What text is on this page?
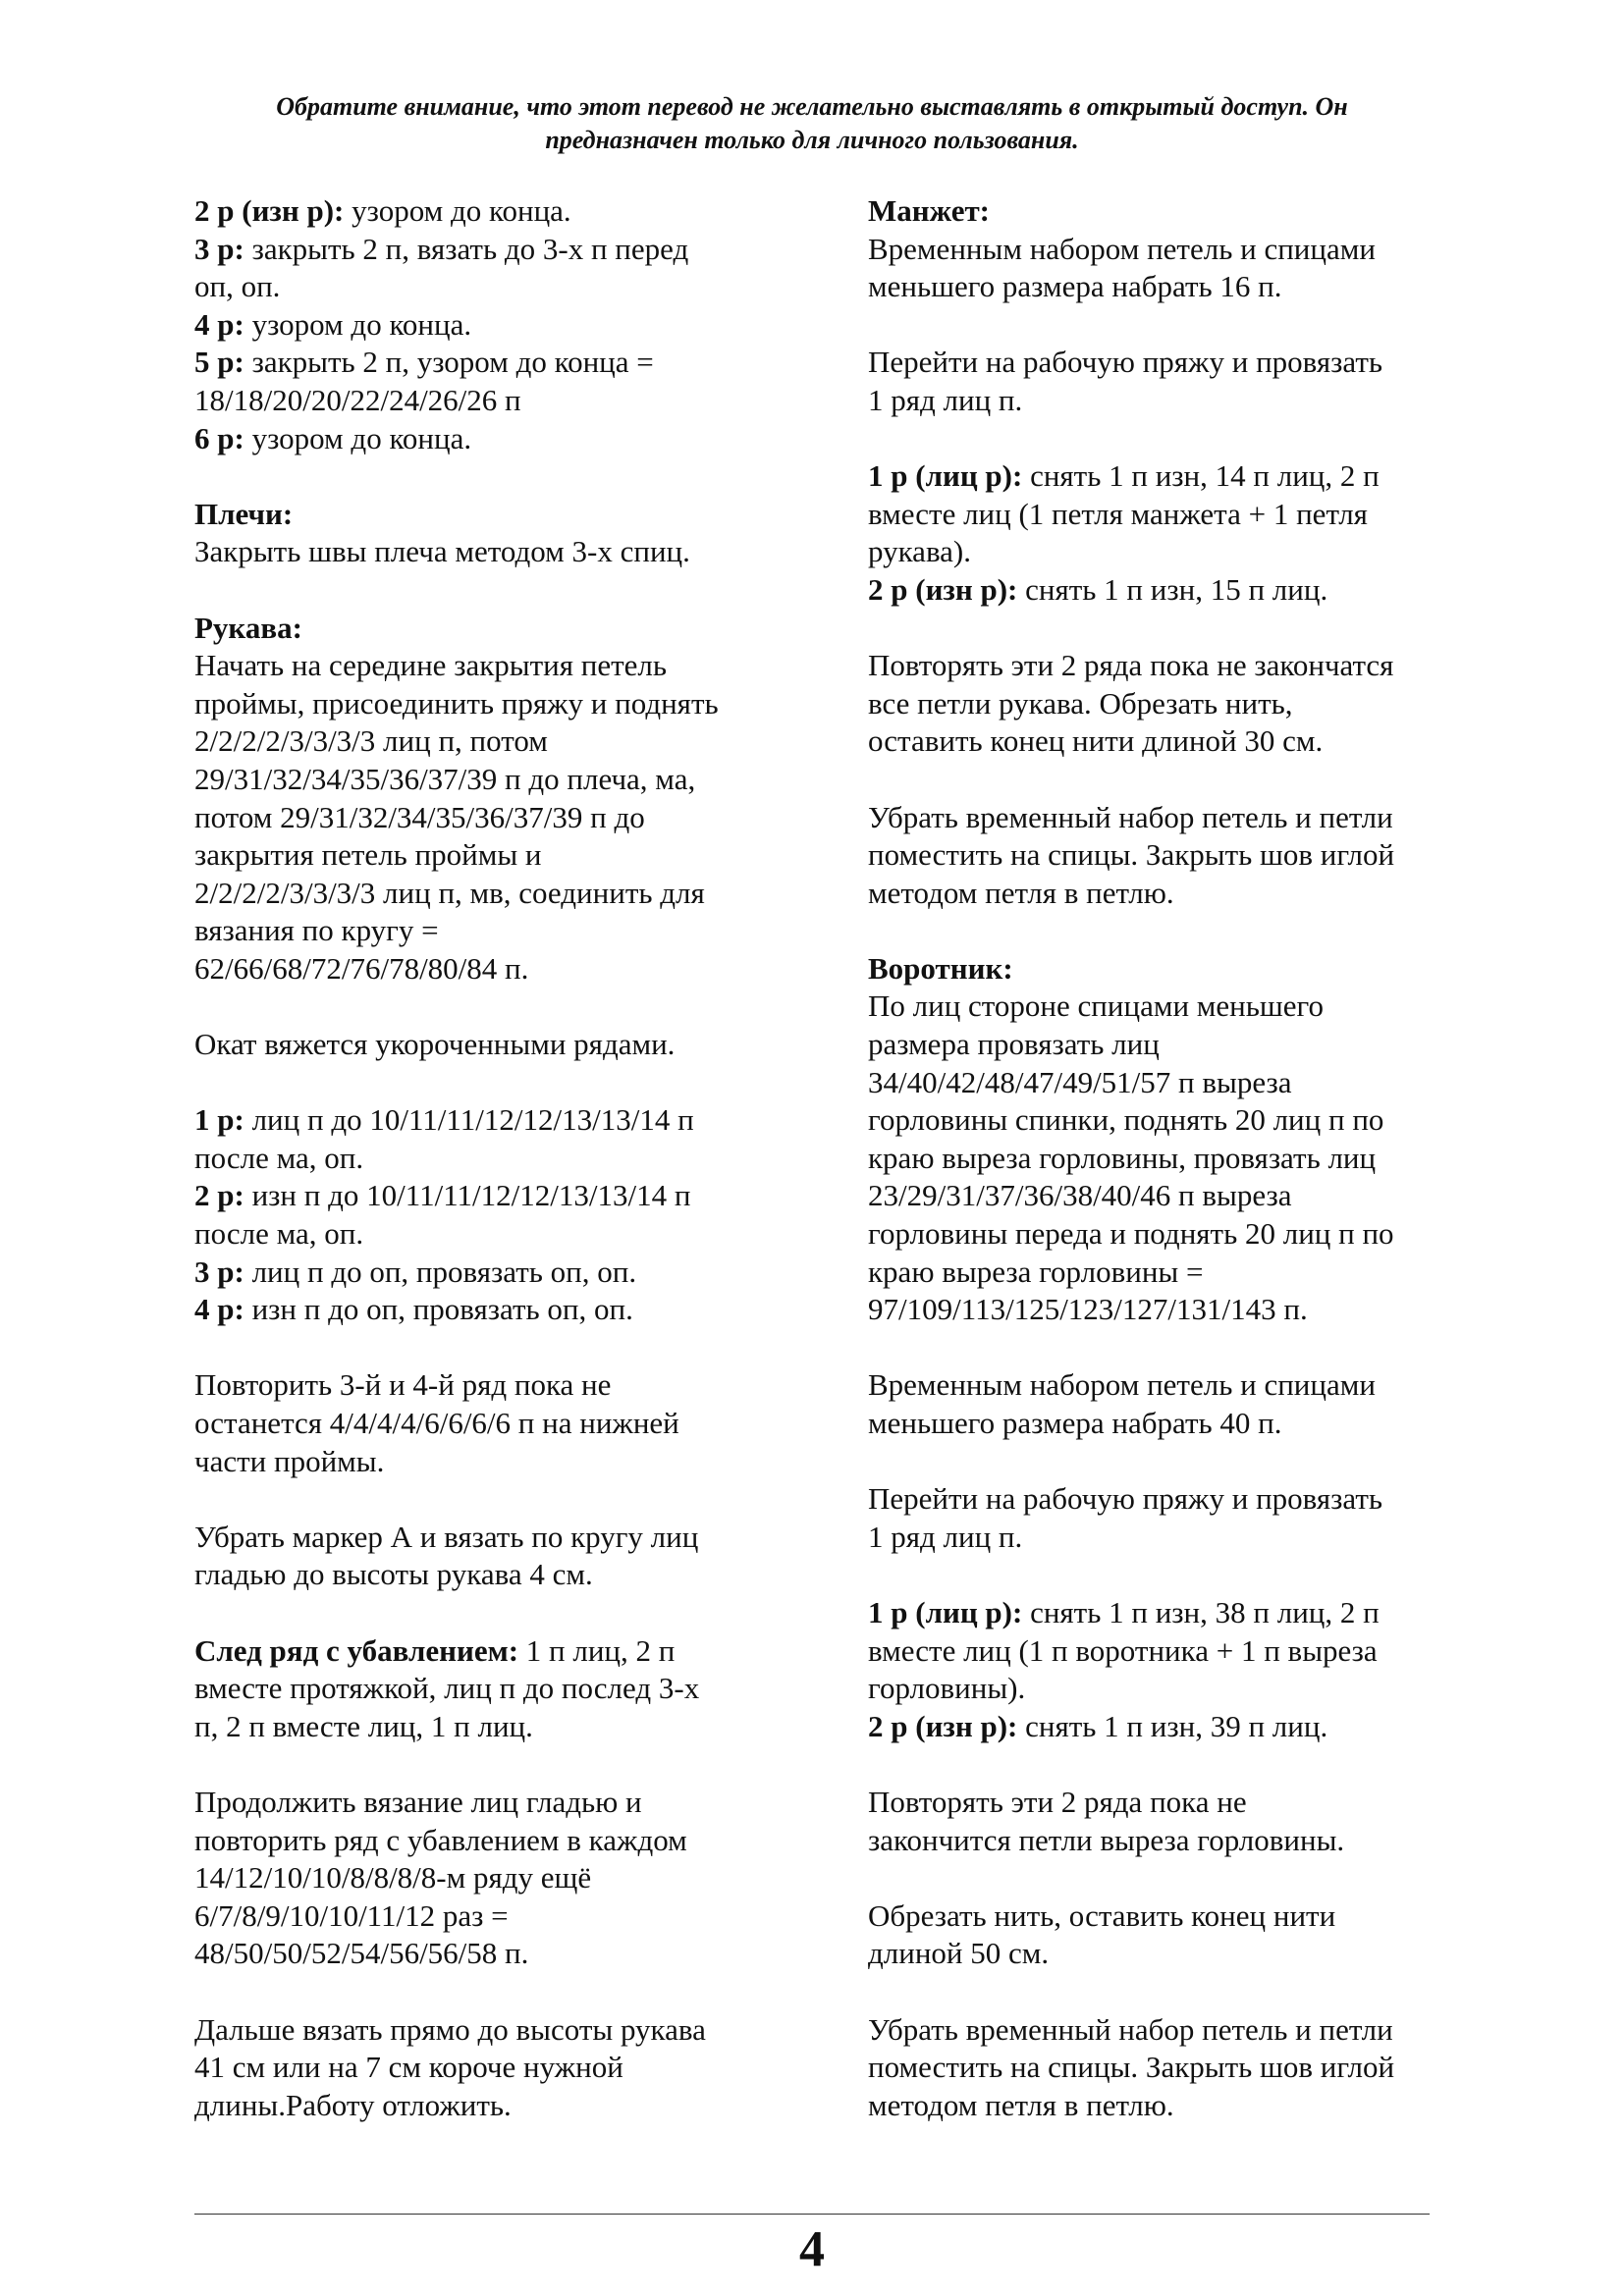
Обратите внимание, что этот перевод не желательно выставлять в открытый доступ. Он
предназначен только для личного пользования.

2 р (изн р): узором до конца.

3 р: закрыть 2 п, вязать до 3-х п перед

оп, оп.

4 р: узором до конца.

5 р: закрыть 2 п, узором до конца =

18/18/20/20/22/24/26/26 п

6 р: узором до конца.

Плечи:

Закрыть швы плеча методом 3-х спиц.

Рукава:

Начать на середине закрытия петель

проймы, присоединить пряжу и поднять

2/2/2/2/3/3/3/3 лиц п, потом

29/31/32/34/35/36/37/39 п до плеча, ма,

потом 29/31/32/34/35/36/37/39 п до

закрытия петель проймы и

2/2/2/2/3/3/3/3 лиц п, мв, соединить для

вязания по кругу =

62/66/68/72/76/78/80/84 п.

Окат вяжется укороченными рядами.

1 р: лиц п до 10/11/11/12/12/13/13/14 п

после ма, оп.

2 р: изн п до 10/11/11/12/12/13/13/14 п

после ма, оп.

3 р: лиц п до оп, провязать оп, оп.

4 р: изн п до оп, провязать оп, оп.

Повторить 3-й и 4-й ряд пока не

останется 4/4/4/4/6/6/6/6 п на нижней

части проймы.

Убрать маркер А и вязать по кругу лиц

гладью до высоты рукава 4 см.

След ряд с убавлением: 1 п лиц, 2 п

вместе протяжкой, лиц п до послед 3-х

п, 2 п вместе лиц, 1 п лиц.

Продолжить вязание лиц гладью и

повторить ряд с убавлением в каждом

14/12/10/10/8/8/8/8-м ряду ещё

6/7/8/9/10/10/11/12 раз =

48/50/50/52/54/56/56/58 п.

Дальше вязать прямо до высоты рукава

41 см или на 7 см короче нужной

длины.Работу отложить.

Манжет:

Временным набором петель и спицами

меньшего размера набрать 16 п.

Перейти на рабочую пряжу и провязать

1 ряд лиц п.

1 р (лиц р): снять 1 п изн, 14 п лиц, 2 п

вместе лиц (1 петля манжета + 1 петля

рукава).

2 р (изн р): снять 1 п изн, 15 п лиц.

Повторять эти 2 ряда пока не закончатся

все петли рукава. Обрезать нить,

оставить конец нити длиной 30 см.

Убрать временный набор петель и петли

поместить на спицы. Закрыть шов иглой

методом петля в петлю.

Воротник:

По лиц стороне спицами меньшего

размера провязать лиц

34/40/42/48/47/49/51/57 п выреза

горловины спинки, поднять 20 лиц п по

краю выреза горловины, провязать лиц

23/29/31/37/36/38/40/46 п выреза

горловины переда и поднять 20 лиц п по

краю выреза горловины =

97/109/113/125/123/127/131/143 п.

Временным набором петель и спицами

меньшего размера набрать 40 п.

Перейти на рабочую пряжу и провязать

1 ряд лиц п.

1 р (лиц р): снять 1 п изн, 38 п лиц, 2 п

вместе лиц (1 п воротника + 1 п выреза

горловины).

2 р (изн р): снять 1 п изн, 39 п лиц.

Повторять эти 2 ряда пока не

закончится петли выреза горловины.

Обрезать нить, оставить конец нити

длиной 50 см.

Убрать временный набор петель и петли

поместить на спицы. Закрыть шов иглой

методом петля в петлю.

4
